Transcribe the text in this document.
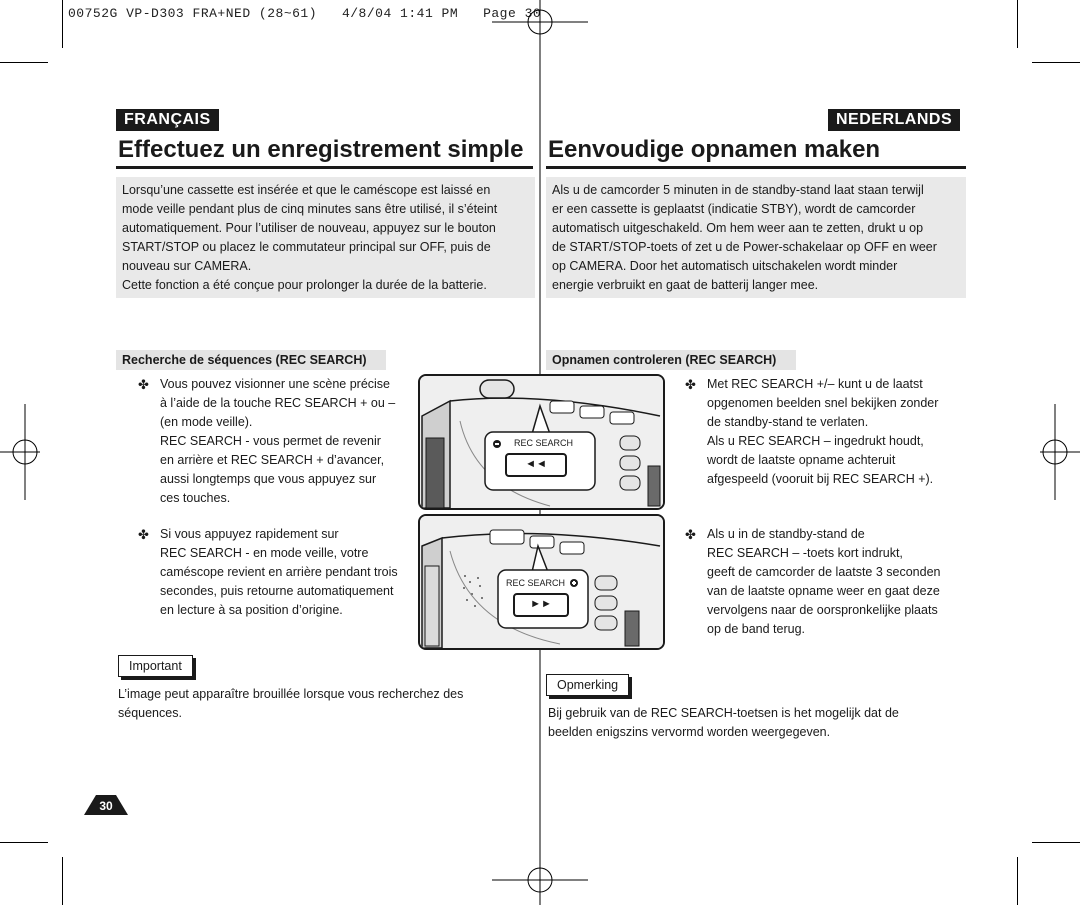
00752G VP-D303 FRA+NED (28~61)   4/8/04 1:41 PM   Page 30
FRANÇAIS
Effectuez un enregistrement simple

Lorsqu’une cassette est insérée et que le caméscope est laissé en

mode veille pendant plus de cinq minutes sans être utilisé, il s’éteint

automatiquement. Pour l’utiliser de nouveau, appuyez sur le bouton

START/STOP ou placez le commutateur principal sur OFF, puis de

nouveau sur CAMERA.

Cette fonction a été conçue pour prolonger la durée de la batterie.

Recherche de séquences (REC SEARCH)
✤ Vous pouvez visionner une scène précise

à l’aide de la touche REC SEARCH + ou –

(en mode veille).

REC SEARCH - vous permet de revenir

en arrière et REC SEARCH + d’avancer,

aussi longtemps que vous appuyez sur

ces touches.

✤ Si vous appuyez rapidement sur

REC SEARCH - en mode veille, votre

caméscope revient en arrière pendant trois

secondes, puis retourne automatiquement

en lecture à sa position d’origine.

Important
L’image peut apparaître brouillée lorsque vous recherchez des
séquences.
NEDERLANDS
Eenvoudige opnamen maken

Als u de camcorder 5 minuten in de standby-stand laat staan terwijl

er een cassette is geplaatst (indicatie STBY), wordt de camcorder

automatisch uitgeschakeld. Om hem weer aan te zetten, drukt u op

de START/STOP-toets of zet u de Power-schakelaar op OFF en weer

op CAMERA. Door het automatisch uitschakelen wordt minder

energie verbruikt en gaat de batterij langer mee.

Opnamen controleren (REC SEARCH)
✤ Met REC SEARCH +/– kunt u de laatst

opgenomen beelden snel bekijken zonder

de standby-stand te verlaten.

Als u REC SEARCH – ingedrukt houdt,

wordt de laatste opname achteruit

afgespeeld (vooruit bij REC SEARCH +).

✤ Als u in de standby-stand de

REC SEARCH – -toets kort indrukt,

geeft de camcorder de laatste 3 seconden

van de laatste opname weer en gaat deze

vervolgens naar de oorspronkelijke plaats

op de band terug.

Opmerking
Bij gebruik van de REC SEARCH-toetsen is het mogelijk dat de
beelden enigszins vervormd worden weergegeven.
REC SEARCH
◄◄
REC SEARCH
►►
30
